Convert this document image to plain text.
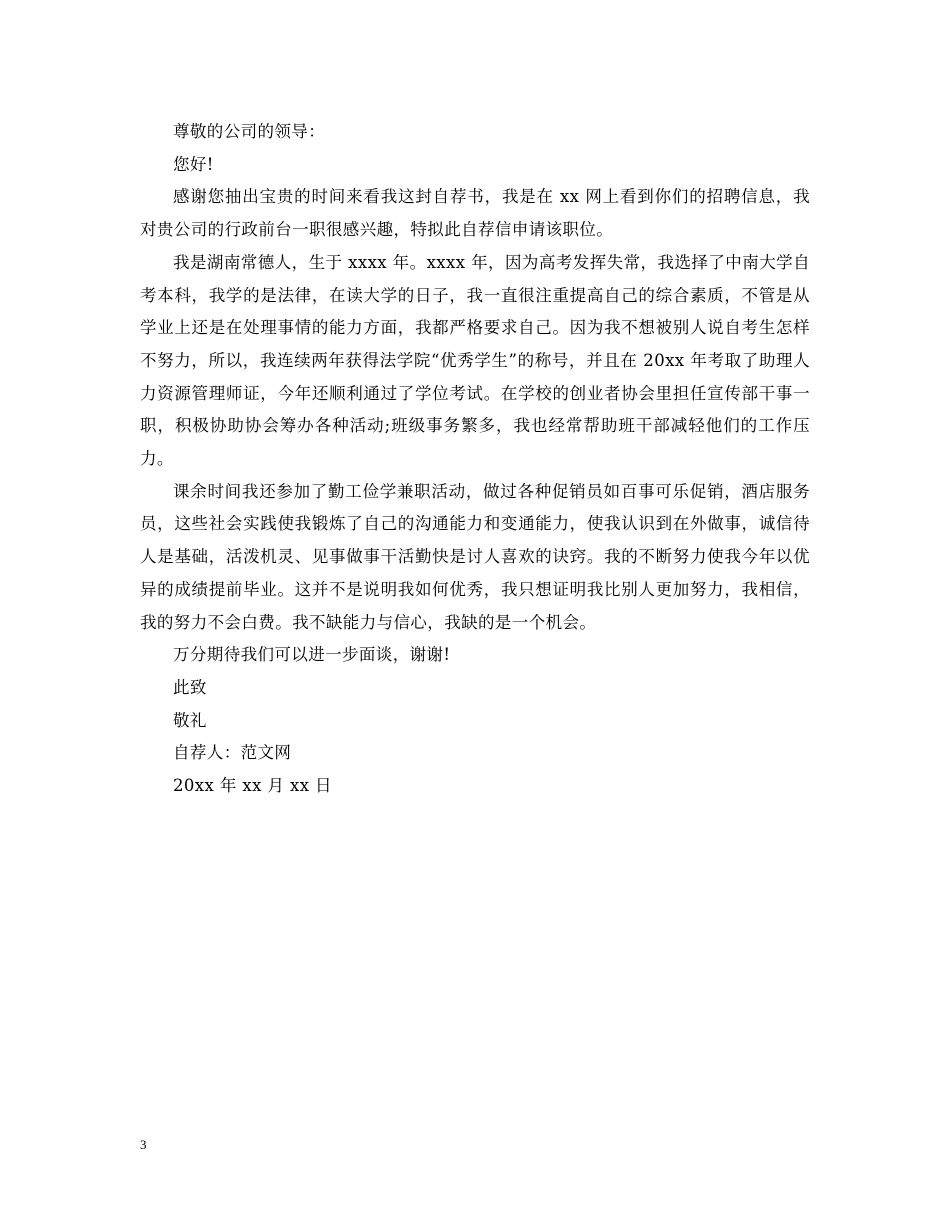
尊敬的公司的领导：

您好!

感谢您抽出宝贵的时间来看我这封自荐书，我是在 xx 网上看到你们的招聘信息，我对贵公司的行政前台一职很感兴趣，特拟此自荐信申请该职位。

我是湖南常德人，生于 xxxx 年。xxxx 年，因为高考发挥失常，我选择了中南大学自考本科，我学的是法律，在读大学的日子，我一直很注重提高自己的综合素质，不管是从学业上还是在处理事情的能力方面，我都严格要求自己。因为我不想被别人说自考生怎样不努力，所以，我连续两年获得法学院“优秀学生”的称号，并且在 20xx 年考取了助理人力资源管理师证，今年还顺利通过了学位考试。在学校的创业者协会里担任宣传部干事一职，积极协助协会筹办各种活动;班级事务繁多，我也经常帮助班干部减轻他们的工作压力。

课余时间我还参加了勤工俭学兼职活动，做过各种促销员如百事可乐促销，酒店服务员，这些社会实践使我锻炼了自己的沟通能力和变通能力，使我认识到在外做事，诚信待人是基础，活泼机灵、见事做事干活勤快是讨人喜欢的诀窍。我的不断努力使我今年以优异的成绩提前毕业。这并不是说明我如何优秀，我只想证明我比别人更加努力，我相信，我的努力不会白费。我不缺能力与信心，我缺的是一个机会。

万分期待我们可以进一步面谈，谢谢!

此致

敬礼

自荐人：范文网

20xx 年 xx 月 xx 日

3
